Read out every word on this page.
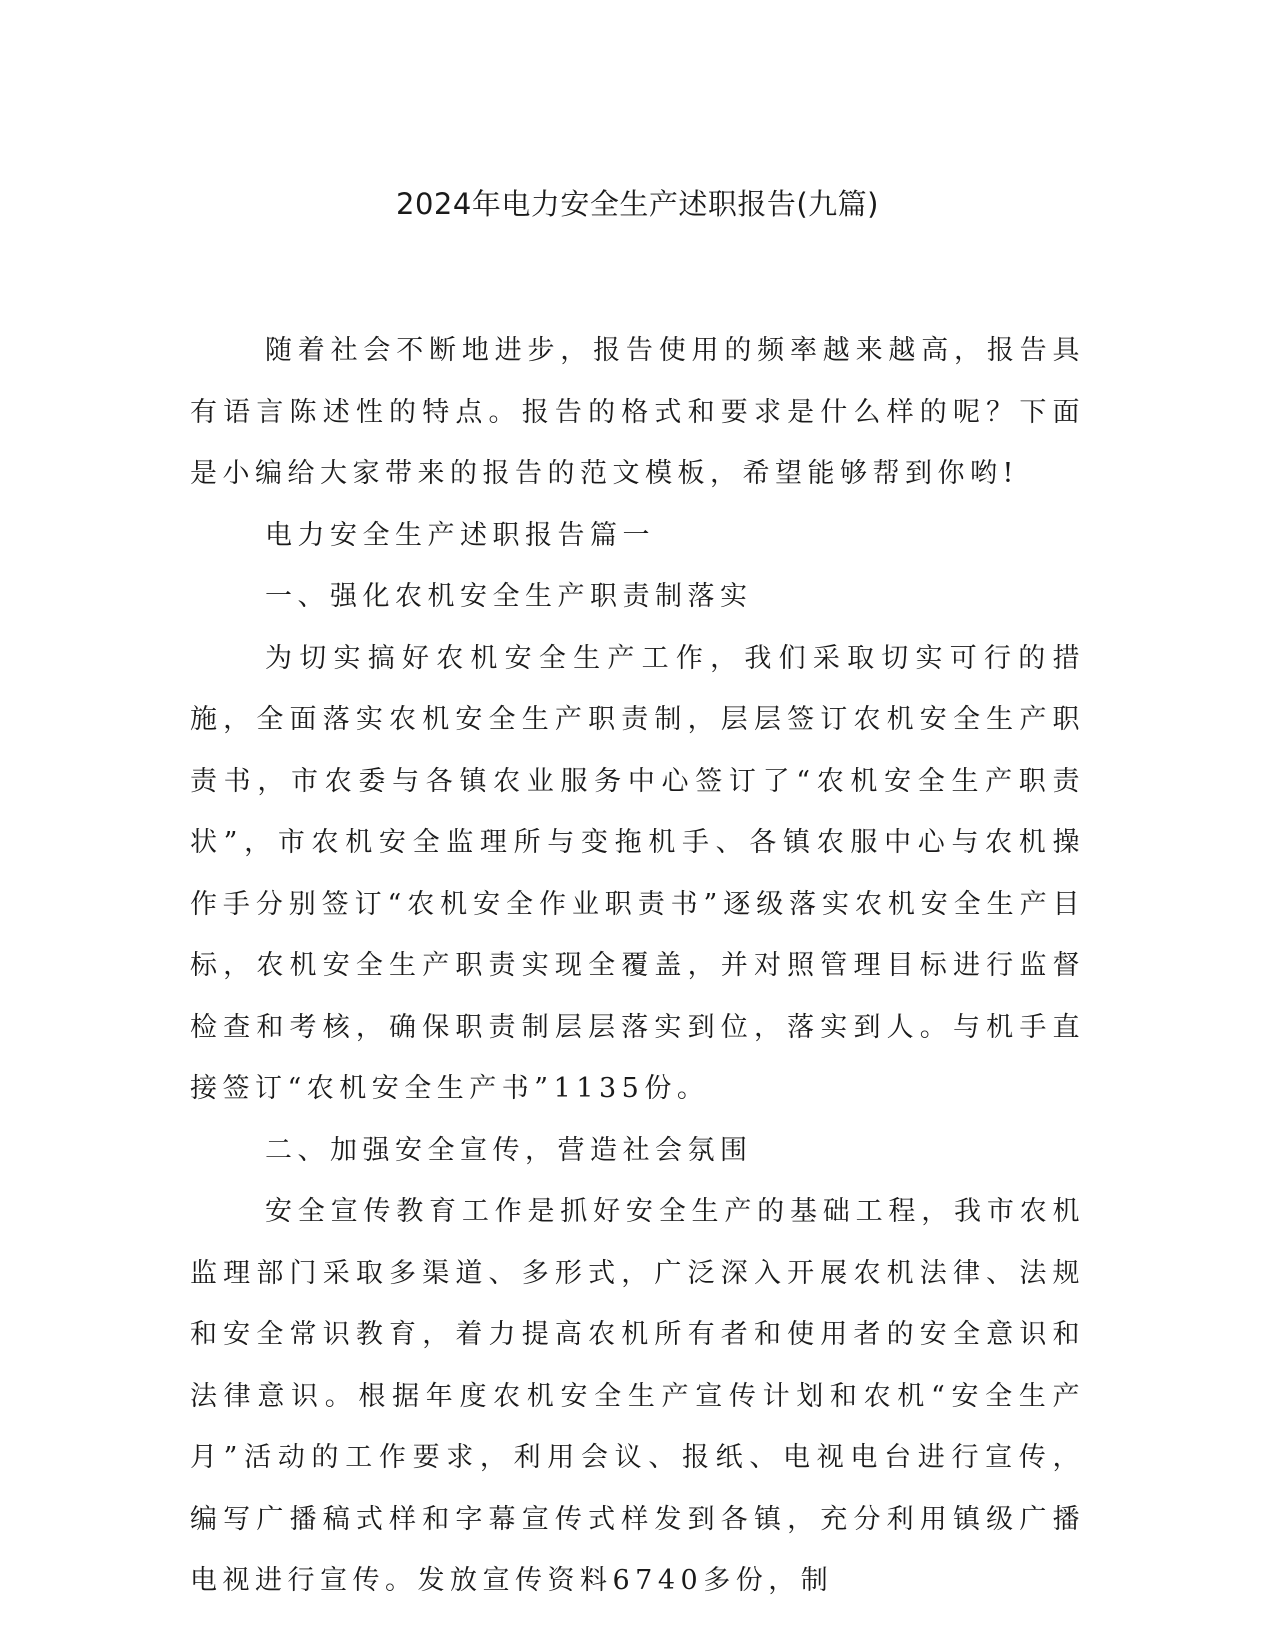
2024年电力安全生产述职报告(九篇)

随着社会不断地进步，报告使用的频率越来越高，报告具有语言陈述性的特点。报告的格式和要求是什么样的呢？下面是小编给大家带来的报告的范文模板，希望能够帮到你哟!

电力安全生产述职报告篇一

一、强化农机安全生产职责制落实

为切实搞好农机安全生产工作，我们采取切实可行的措施，全面落实农机安全生产职责制，层层签订农机安全生产职责书，市农委与各镇农业服务中心签订了“农机安全生产职责状”，市农机安全监理所与变拖机手、各镇农服中心与农机操作手分别签订“农机安全作业职责书”逐级落实农机安全生产目标，农机安全生产职责实现全覆盖，并对照管理目标进行监督检查和考核，确保职责制层层落实到位，落实到人。与机手直接签订“农机安全生产书”1135份。

二、加强安全宣传，营造社会氛围

安全宣传教育工作是抓好安全生产的基础工程，我市农机监理部门采取多渠道、多形式，广泛深入开展农机法律、法规和安全常识教育，着力提高农机所有者和使用者的安全意识和法律意识。根据年度农机安全生产宣传计划和农机“安全生产月”活动的工作要求，利用会议、报纸、电视电台进行宣传，编写广播稿式样和字幕宣传式样发到各镇，充分利用镇级广播电视进行宣传。发放宣传资料6740多份，制
